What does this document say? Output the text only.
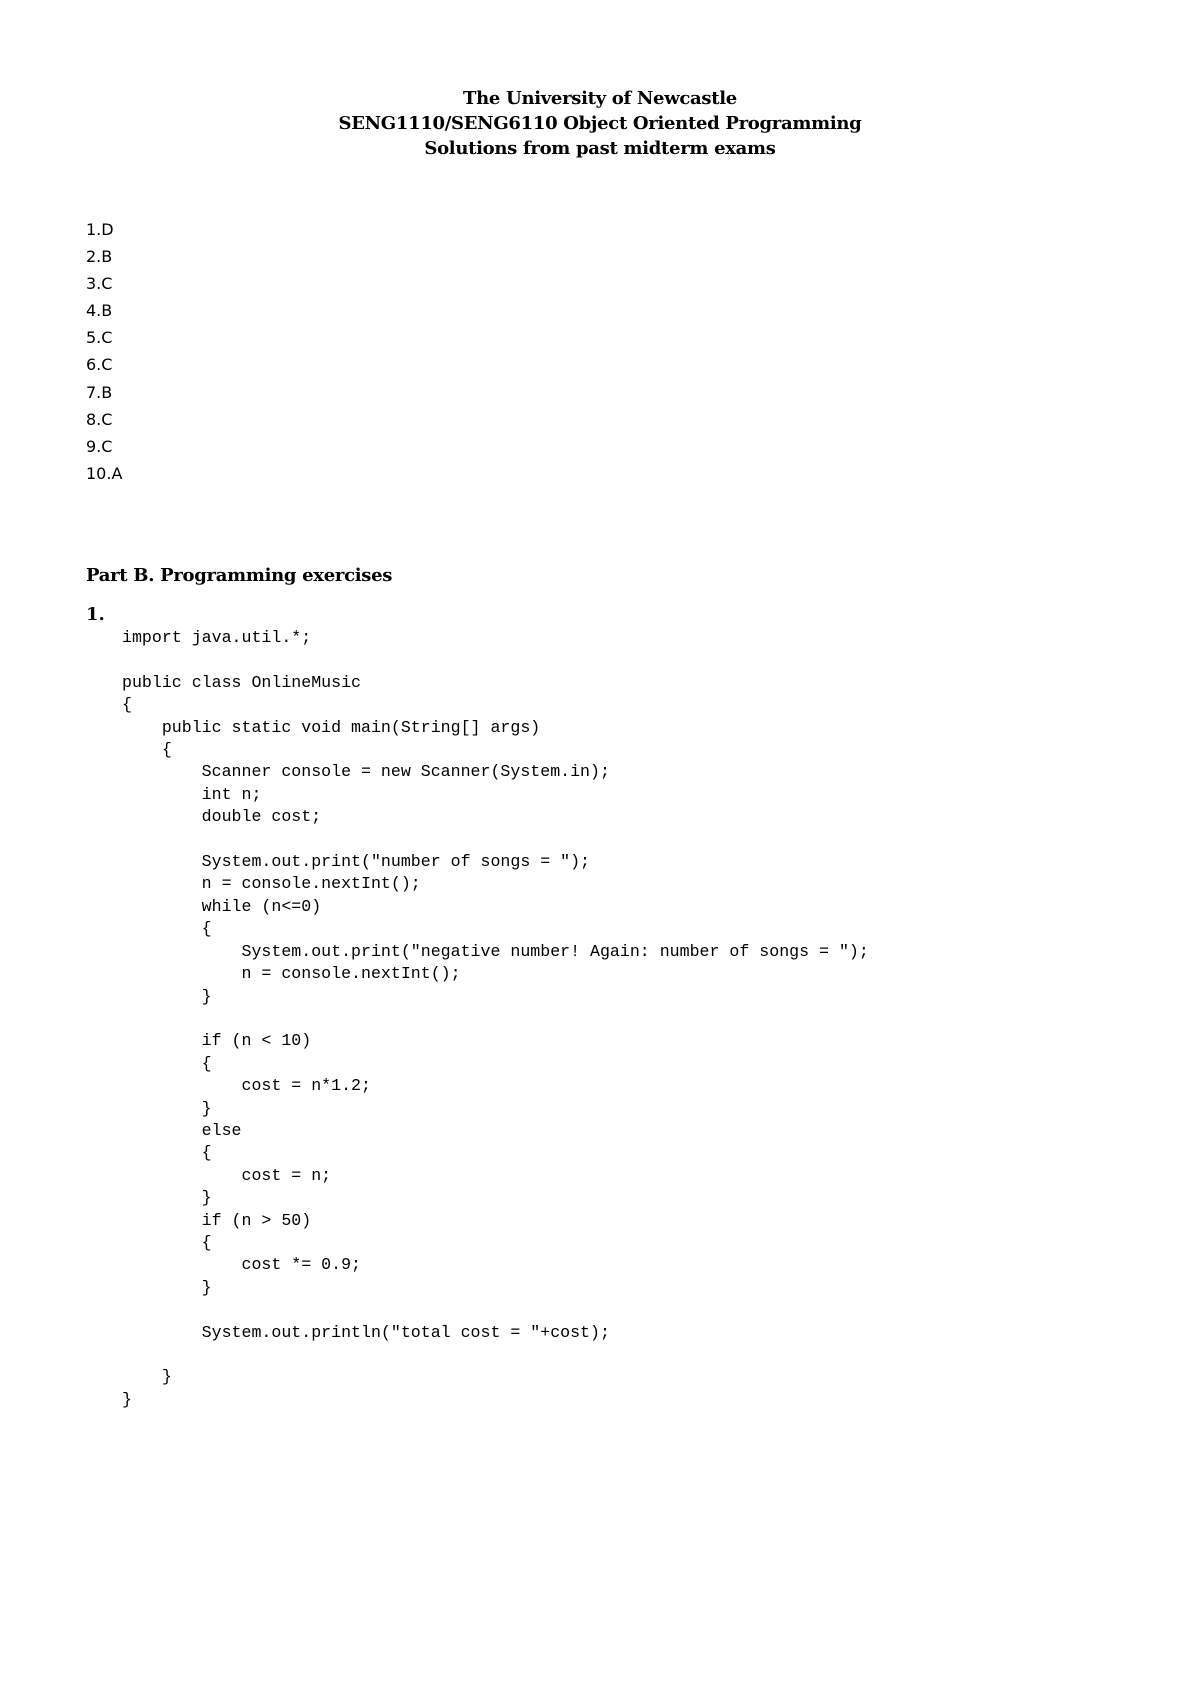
The University of Newcastle
SENG1110/SENG6110 Object Oriented Programming
Solutions from past midterm exams
1.D
2.B
3.C
4.B
5.C
6.C
7.B
8.C
9.C
10.A
Part B. Programming exercises
1.
import java.util.*;

public class OnlineMusic
{
public static void main(String[] args)
{
Scanner console = new Scanner(System.in);
int n;
double cost;

System.out.print("number of songs = ");
n = console.nextInt();
while (n<=0)
{
System.out.print("negative number! Again: number of songs = ");
n = console.nextInt();
}

if (n < 10)
{
cost = n*1.2;
}
else
{
cost = n;
}
if (n > 50)
{
cost *= 0.9;
}

System.out.println("total cost = "+cost);

}
}
